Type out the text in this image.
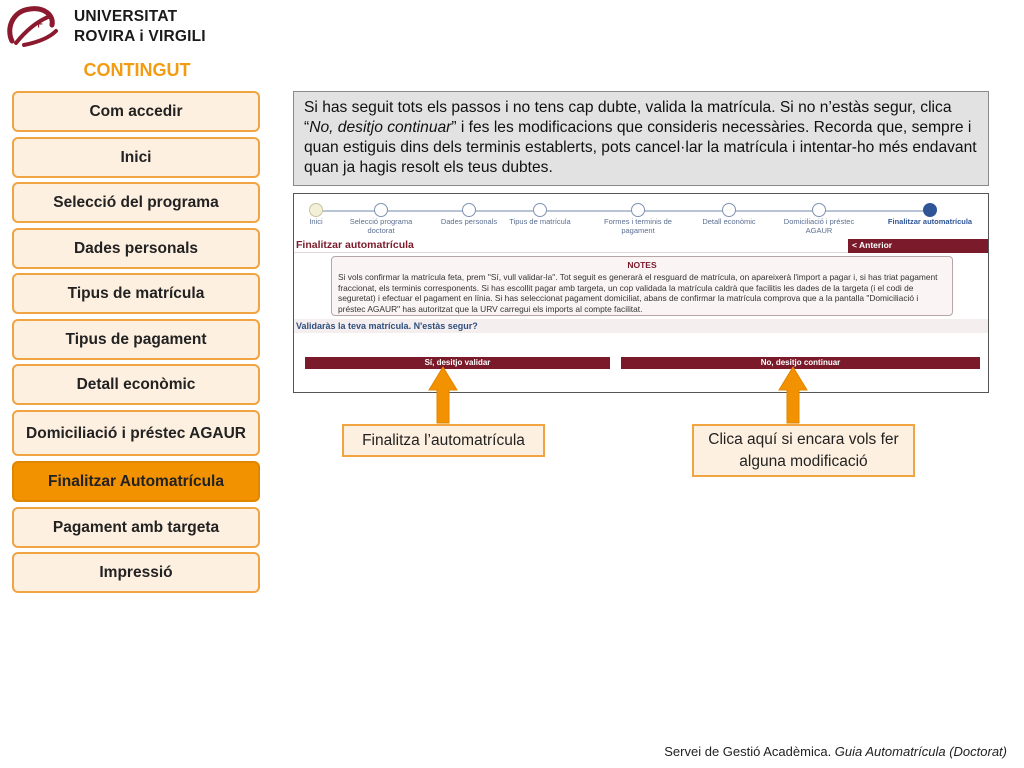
+ UNIVERSITAT
ROVIRA i VIRGILI
CONTINGUT
Com accedir
Inici
Selecció del programa
Dades personals
Tipus de matrícula
Tipus de pagament
Detall econòmic
Domiciliació i préstec AGAUR
Finalitzar Automatrícula
Pagament amb targeta
Impressió
Si has seguit tots els passos i no tens cap dubte, valida la matrícula. Si no n’estàs segur, clica “No, desitjo continuar” i fes les modificacions que consideris necessàries. Recorda que, sempre i quan estiguis dins dels terminis establerts, pots cancel·lar la matrícula i intentar-ho més endavant quan ja hagis resolt els teus dubtes.
Inici	Selecció programa doctorat
Dades personals	Tipus de matrícula	Formes i terminis de pagament
Detall econòmic	Domiciliació i préstec AGAUR
Finalitzar automatrícula
Finalitzar automatrícula	< Anterior
NOTES
Si vols confirmar la matrícula feta, prem "Sí, vull validar-la". Tot seguit es generarà el resguard de matrícula, on apareixerà l'import a pagar i, si has triat pagament fraccionat, els terminis corresponents. Si has escollit pagar amb targeta, un cop validada la matrícula caldrà que facilitis les dades de la targeta (i el codi de seguretat) i efectuar el pagament en línia. Si has seleccionat pagament domiciliat, abans de confirmar la matrícula comprova que a la pantalla "Domiciliació i préstec AGAUR" has autoritzat que la URV carregui els imports al compte facilitat.
Validaràs la teva matrícula. N'estàs segur?
Sí, desitjo validar	No, desitjo continuar
Finalitza l’automatrícula	Clica aquí si encara vols fer alguna modificació
Servei de Gestió Acadèmica. Guia Automatrícula (Doctorat)
